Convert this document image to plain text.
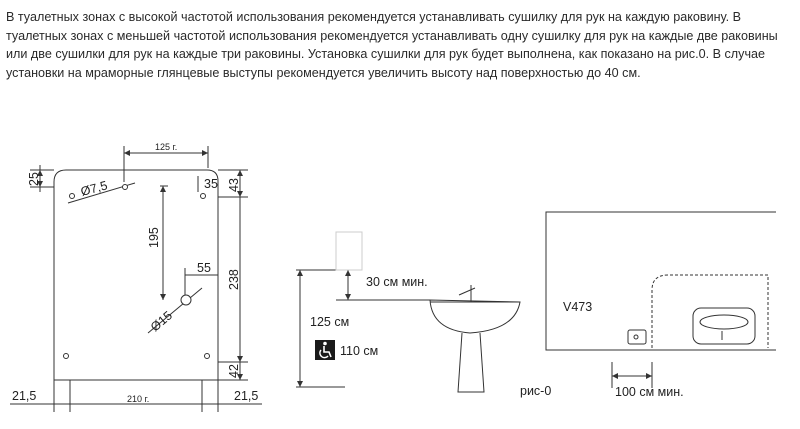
В туалетных зонах с высокой частотой использования рекомендуется устанавливать сушилку для рук на каждую раковину. В туалетных зонах с меньшей частотой использования рекомендуется устанавливать одну сушилку для рук на каждые две раковины или две сушилки для рук на каждые три раковины. Установка сушилки для рук будет выполнена, как показано на рис.0. В случае установки на мраморные глянцевые выступы рекомендуется увеличить высоту над поверхностью до 40 см.
125 г.
25	Ø7,5	35 43
195
55
238
Ø15
42
21,5	210 г.	21,5
30 см мин.
125 см
110 см
рис-0
V473
100 см мин.
